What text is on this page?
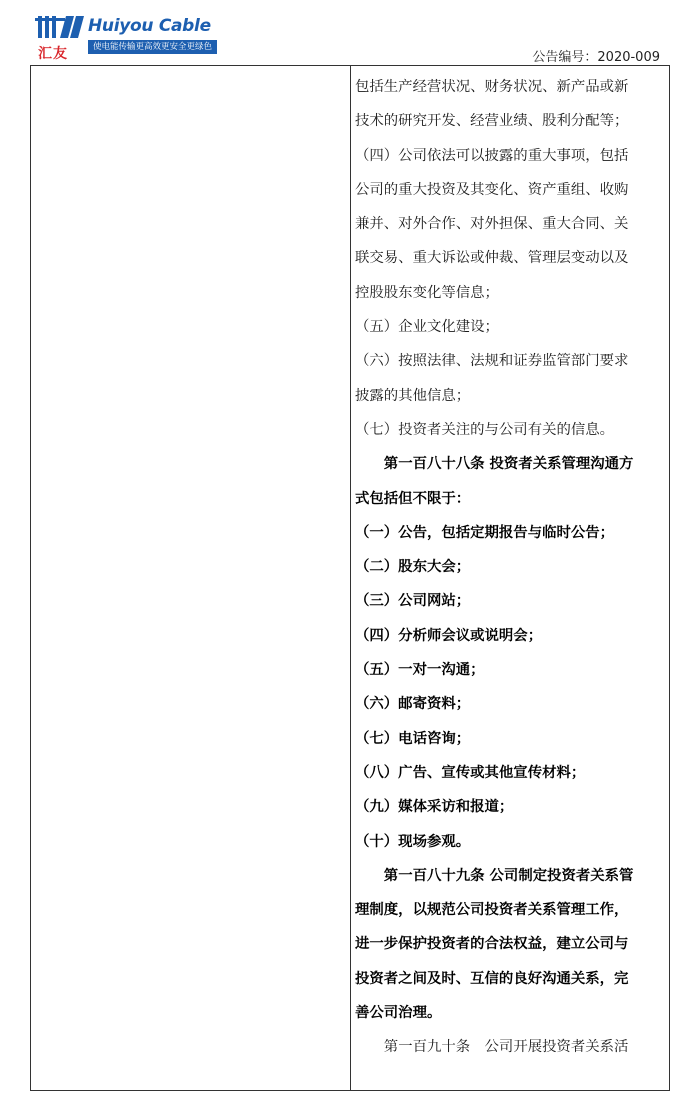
汇友
Huiyou Cable
使电能传输更高效更安全更绿色
公告编号：2020-009

包括生产经营状况、财务状况、新产品或新

技术的研究开发、经营业绩、股利分配等；

（四）公司依法可以披露的重大事项，包括

公司的重大投资及其变化、资产重组、收购

兼并、对外合作、对外担保、重大合同、关

联交易、重大诉讼或仲裁、管理层变动以及

控股股东变化等信息；

（五）企业文化建设；

（六）按照法律、法规和证券监管部门要求

披露的其他信息；

（七）投资者关注的与公司有关的信息。

第一百八十八条 投资者关系管理沟通方

式包括但不限于：

（一）公告，包括定期报告与临时公告；

（二）股东大会；

（三）公司网站；

（四）分析师会议或说明会；

（五）一对一沟通；

（六）邮寄资料；

（七）电话咨询；

（八）广告、宣传或其他宣传材料；

（九）媒体采访和报道；

（十）现场参观。

第一百八十九条 公司制定投资者关系管

理制度，以规范公司投资者关系管理工作，

进一步保护投资者的合法权益，建立公司与

投资者之间及时、互信的良好沟通关系，完

善公司治理。

第一百九十条　公司开展投资者关系活
